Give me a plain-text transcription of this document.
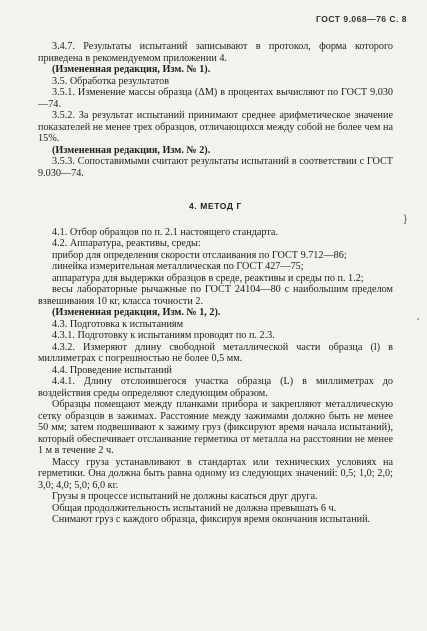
ГОСТ 9.068—76 С. 8

3.4.7. Результаты испытаний записывают в протокол, форма которого приведена в рекомендуемом приложении 4.

(Измененная редакция, Изм. № 1).

3.5. Обработка результатов

3.5.1. Изменение массы образца (ΔM) в процентах вычисляют по ГОСТ 9.030—74.

3.5.2. За результат испытаний принимают среднее арифметическое значение показателей не менее трех образцов, отличающихся между собой не более чем на 15%.

(Измененная редакция, Изм. № 2).

3.5.3. Сопоставимыми считают результаты испытаний в соответствии с ГОСТ 9.030—74.

4. МЕТОД Г

4.1. Отбор образцов по п. 2.1 настоящего стандарта.

4.2. Аппаратура, реактивы, среды:

прибор для определения скорости отслаивания по ГОСТ 9.712—86;

линейка измерительная металлическая по ГОСТ 427—75;

аппаратура для выдержки образцов в среде, реактивы и среды по п. 1.2;

весы лабораторные рычажные по ГОСТ 24104—80 с наибольшим пределом взвешивания 10 кг, класса точности 2.

(Измененная редакция, Изм. № 1, 2).

4.3. Подготовка к испытаниям

4.3.1. Подготовку к испытаниям проводят по п. 2.3.

4.3.2. Измеряют длину свободной металлической части образца (l) в миллиметрах с погрешностью не более 0,5 мм.

4.4. Проведение испытаний

4.4.1. Длину отслоившегося участка образца (L) в миллиметрах до воздействия среды определяют следующим образом.

Образцы помещают между планками прибора и закрепляют металлическую сетку образцов в зажимах. Расстояние между зажимами должно быть не менее 50 мм; затем подвешивают к зажиму груз (фиксируют время начала испытаний), который обеспечивает отслаивание герметика от металла на расстоянии не менее 1 м в течение 2 ч.

Массу груза устанавливают в стандартах или технических условиях на герметики. Она должна быть равна одному из следующих значений: 0,5; 1,0; 2,0; 3,0; 4,0; 5,0; 6,0 кг.

Грузы в процессе испытаний не должны касаться друг друга.

Общая продолжительность испытаний не должна превышать 6 ч.

Снимают груз с каждого образца, фиксируя время окончания испытаний.

}
